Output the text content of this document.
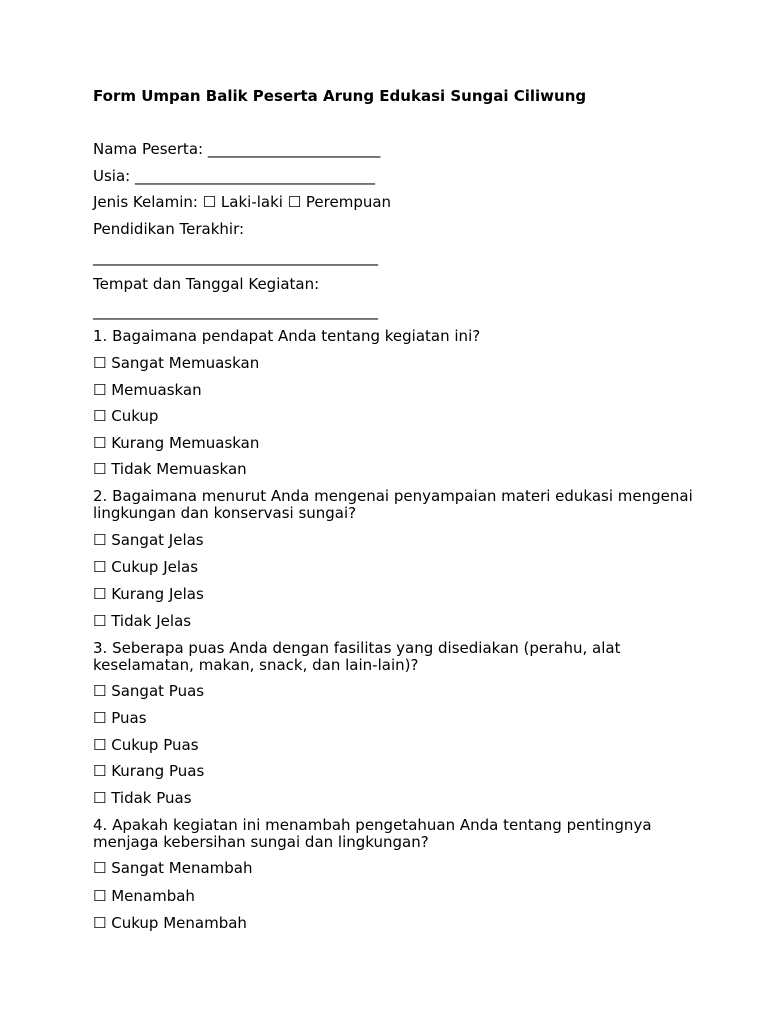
Form Umpan Balik Peserta Arung Edukasi Sungai Ciliwung
Nama Peserta: _______________________
Usia: ________________________________
Jenis Kelamin: ☐ Laki-laki ☐ Perempuan
Pendidikan Terakhir:
______________________________________
Tempat dan Tanggal Kegiatan:
______________________________________
1. Bagaimana pendapat Anda tentang kegiatan ini?
☐ Sangat Memuaskan
☐ Memuaskan
☐ Cukup
☐ Kurang Memuaskan
☐ Tidak Memuaskan
2. Bagaimana menurut Anda mengenai penyampaian materi edukasi mengenai lingkungan dan konservasi sungai?
☐ Sangat Jelas
☐ Cukup Jelas
☐ Kurang Jelas
☐ Tidak Jelas
3. Seberapa puas Anda dengan fasilitas yang disediakan (perahu, alat keselamatan, makan, snack, dan lain-lain)?
☐ Sangat Puas
☐ Puas
☐ Cukup Puas
☐ Kurang Puas
☐ Tidak Puas
4. Apakah kegiatan ini menambah pengetahuan Anda tentang pentingnya menjaga kebersihan sungai dan lingkungan?
☐ Sangat Menambah
☐ Menambah
☐ Cukup Menambah
